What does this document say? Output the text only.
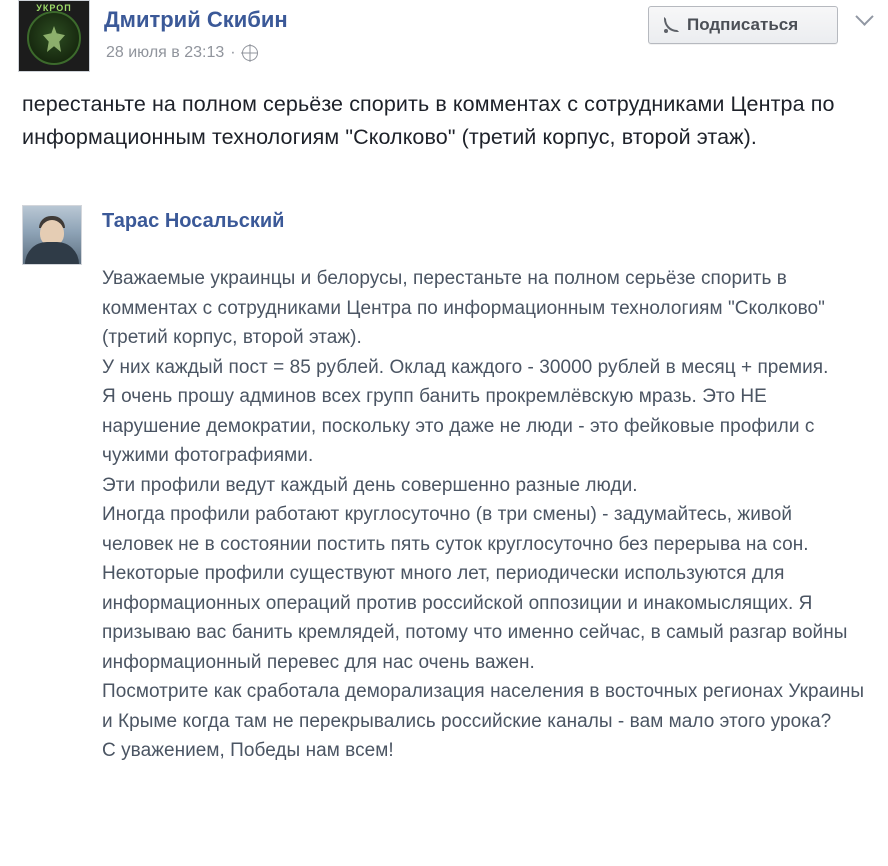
УКРОП	Дмитрий Скибин
28 июля в 23:13 ·
Подписаться
перестаньте на полном серьёзе спорить в комментах с сотрудниками Центра по информационным технологиям "Сколково" (третий корпус, второй этаж).
Тарас Носальский

Уважаемые украинцы и белорусы, перестаньте на полном серьёзе спорить в комментах с сотрудниками Центра по информационным технологиям "Сколково" (третий корпус, второй этаж).

У них каждый пост = 85 рублей. Оклад каждого - 30000 рублей в месяц + премия.

Я очень прошу админов всех групп банить прокремлёвскую мразь. Это НЕ нарушение демократии, поскольку это даже не люди - это фейковые профили с чужими фотографиями.

Эти профили ведут каждый день совершенно разные люди.

Иногда профили работают круглосуточно (в три смены) - задумайтесь, живой человек не в состоянии постить пять суток круглосуточно без перерыва на сон. Некоторые профили существуют много лет, периодически используются для информационных операций против российской оппозиции и инакомыслящих. Я призываю вас банить кремлядей, потому что именно сейчас, в самый разгар войны информационный перевес для нас очень важен.

Посмотрите как сработала деморализация населения в восточных регионах Украины и Крыме когда там не перекрывались российские каналы - вам мало этого урока?

С уважением, Победы нам всем!
